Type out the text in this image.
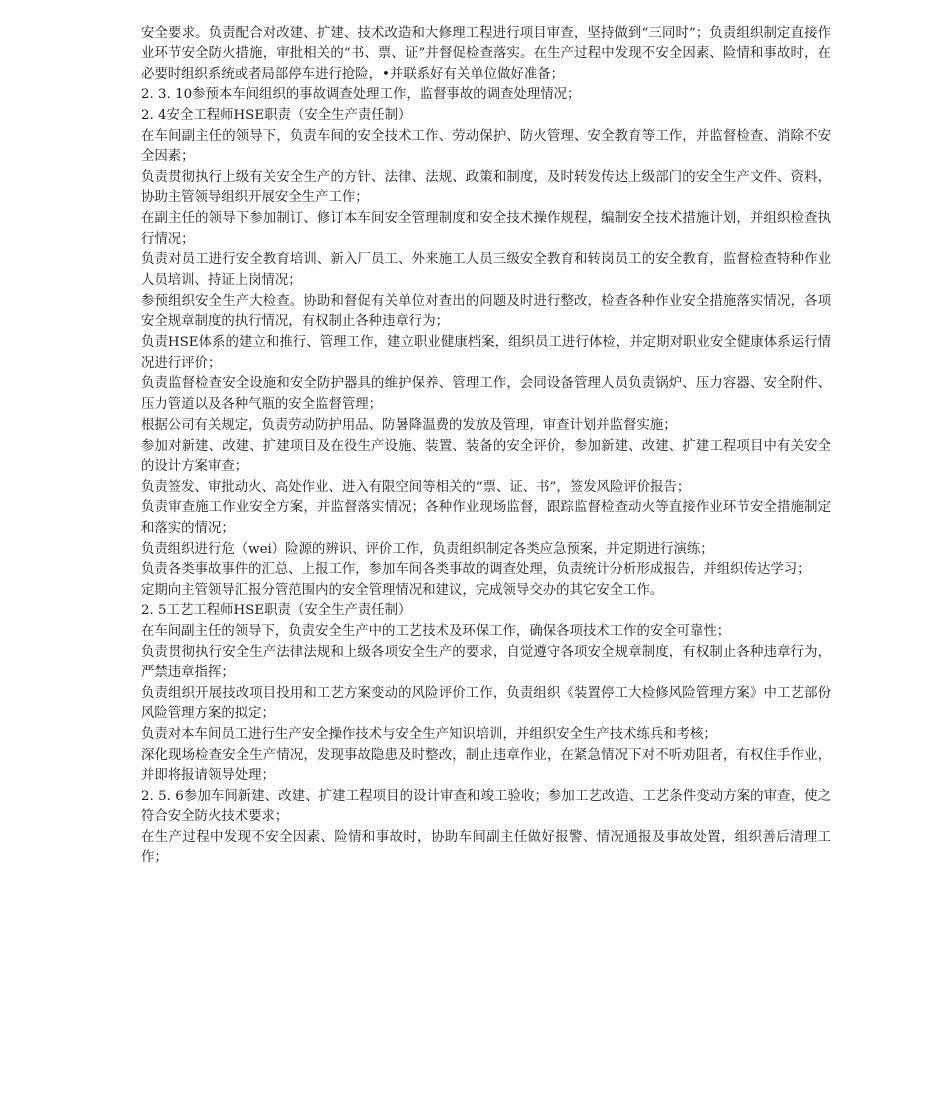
安全要求。负责配合对改建、扩建、技术改造和大修理工程进行项目审查，坚持做到“三同时”；负责组织制定直接作业环节安全防火措施，审批相关的“书、票、证”并督促检查落实。在生产过程中发现不安全因素、险情和事故时，在必要时组织系统或者局部停车进行抢险，•并联系好有关单位做好准备；

2. 3. 10参预本车间组织的事故调查处理工作，监督事故的调查处理情况；

2. 4安全工程师HSE职责（安全生产责任制）

在车间副主任的领导下，负责车间的安全技术工作、劳动保护、防火管理、安全教育等工作，并监督检查、消除不安全因素；

负责贯彻执行上级有关安全生产的方针、法律、法规、政策和制度，及时转发传达上级部门的安全生产文件、资料，协助主管领导组织开展安全生产工作；

在副主任的领导下参加制订、修订本车间安全管理制度和安全技术操作规程，编制安全技术措施计划，并组织检查执行情况；

负责对员工进行安全教育培训、新入厂员工、外来施工人员三级安全教育和转岗员工的安全教育，监督检查特种作业人员培训、持证上岗情况；

参预组织安全生产大检查。协助和督促有关单位对查出的问题及时进行整改，检查各种作业安全措施落实情况，各项安全规章制度的执行情况，有权制止各种违章行为；

负责HSE体系的建立和推行、管理工作，建立职业健康档案，组织员工进行体检，并定期对职业安全健康体系运行情况进行评价；

负责监督检查安全设施和安全防护器具的维护保养、管理工作，会同设备管理人员负责锅炉、压力容器、安全附件、压力管道以及各种气瓶的安全监督管理；

根据公司有关规定，负责劳动防护用品、防暑降温费的发放及管理，审查计划并监督实施；

参加对新建、改建、扩建项目及在役生产设施、装置、装备的安全评价，参加新建、改建、扩建工程项目中有关安全的设计方案审查；

负责签发、审批动火、高处作业、进入有限空间等相关的“票、证、书”，签发风险评价报告；

负责审查施工作业安全方案，并监督落实情况；各种作业现场监督，跟踪监督检查动火等直接作业环节安全措施制定和落实的情况；

负责组织进行危（wei）险源的辨识、评价工作，负责组织制定各类应急预案，并定期进行演练；

负责各类事故事件的汇总、上报工作，参加车间各类事故的调查处理，负责统计分析形成报告，并组织传达学习；

定期向主管领导汇报分管范围内的安全管理情况和建议，完成领导交办的其它安全工作。

2. 5工艺工程师HSE职责（安全生产责任制）

在车间副主任的领导下，负责安全生产中的工艺技术及环保工作，确保各项技术工作的安全可靠性；

负责贯彻执行安全生产法律法规和上级各项安全生产的要求，自觉遵守各项安全规章制度，有权制止各种违章行为，严禁违章指挥；

负责组织开展技改项目投用和工艺方案变动的风险评价工作，负责组织《装置停工大检修风险管理方案》中工艺部份风险管理方案的拟定；

负责对本车间员工进行生产安全操作技术与安全生产知识培训，并组织安全生产技术练兵和考核；

深化现场检查安全生产情况，发现事故隐患及时整改，制止违章作业，在紧急情况下对不听劝阻者，有权住手作业，并即将报请领导处理；

2. 5. 6参加车间新建、改建、扩建工程项目的设计审查和竣工验收；参加工艺改造、工艺条件变动方案的审查，使之符合安全防火技术要求；

在生产过程中发现不安全因素、险情和事故时，协助车间副主任做好报警、情况通报及事故处置，组织善后清理工作；
